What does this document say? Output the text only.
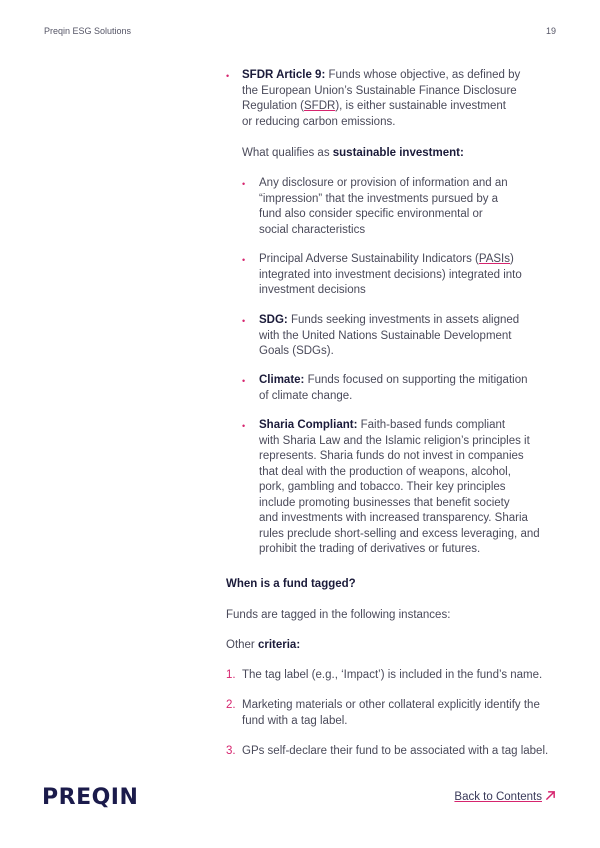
Preqin ESG Solutions	19
• SFDR Article 9: Funds whose objective, as defined by
the European Union’s Sustainable Finance Disclosure
Regulation (SFDR), is either sustainable investment
or reducing carbon emissions.
What qualifies as sustainable investment:
• Any disclosure or provision of information and an
“impression” that the investments pursued by a
fund also consider specific environmental or
social characteristics
• Principal Adverse Sustainability Indicators (PASIs)
integrated into investment decisions) integrated into
investment decisions
• SDG: Funds seeking investments in assets aligned
with the United Nations Sustainable Development
Goals (SDGs).
• Climate: Funds focused on supporting the mitigation
of climate change.
• Sharia Compliant: Faith-based funds compliant
with Sharia Law and the Islamic religion’s principles it
represents. Sharia funds do not invest in companies
that deal with the production of weapons, alcohol,
pork, gambling and tobacco. Their key principles
include promoting businesses that benefit society
and investments with increased transparency. Sharia
rules preclude short-selling and excess leveraging, and
prohibit the trading of derivatives or futures.
When is a fund tagged?
Funds are tagged in the following instances:
Other criteria:
1. The tag label (e.g., ‘Impact’) is included in the fund’s name.
2. Marketing materials or other collateral explicitly identify the
fund with a tag label.
3. GPs self-declare their fund to be associated with a tag label.
PREQIN	Back to Contents
